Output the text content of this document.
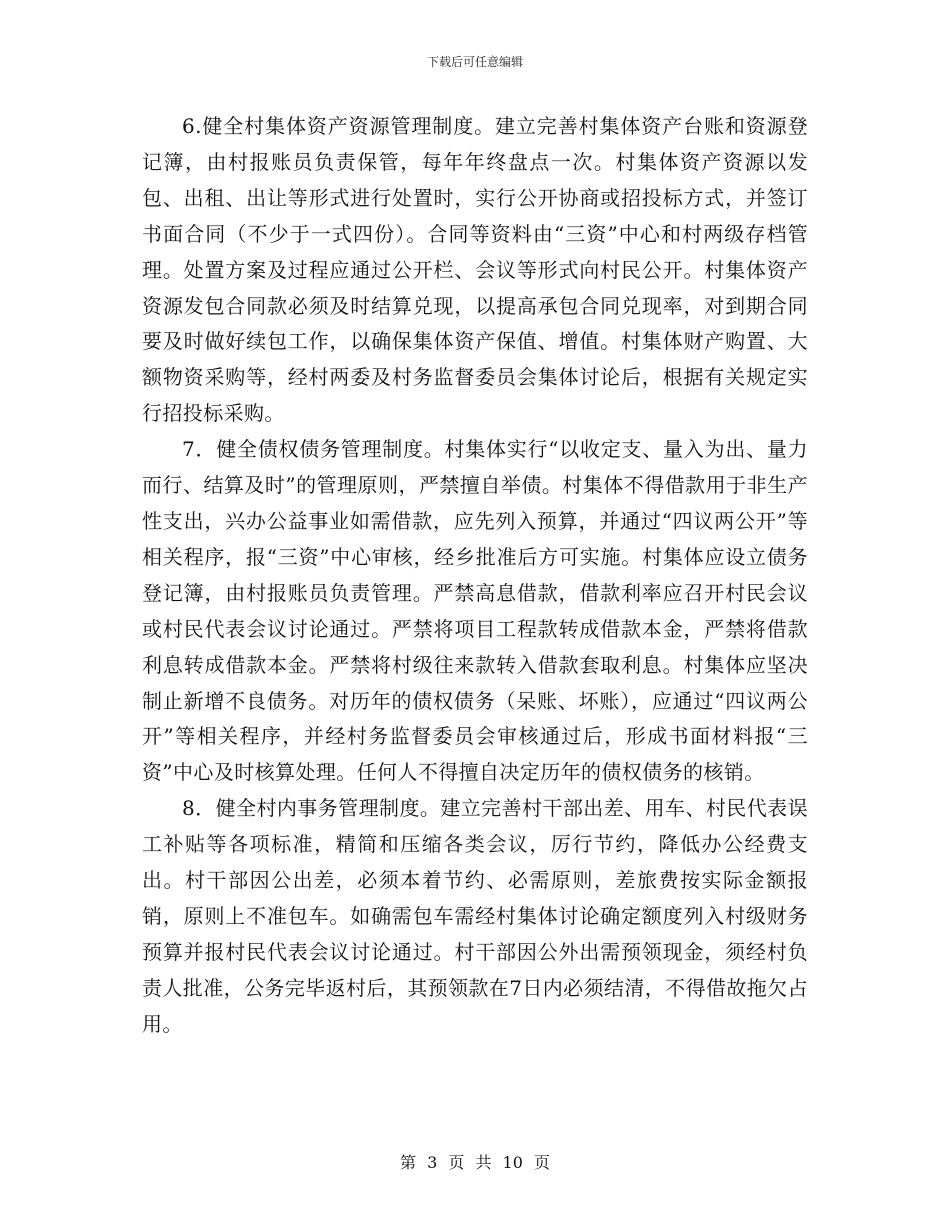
下载后可任意编辑

6.健全村集体资产资源管理制度。建立完善村集体资产台账和资源登记簿，由村报账员负责保管，每年年终盘点一次。村集体资产资源以发包、出租、出让等形式进行处置时，实行公开协商或招投标方式，并签订书面合同（不少于一式四份）。合同等资料由“三资”中心和村两级存档管理。处置方案及过程应通过公开栏、会议等形式向村民公开。村集体资产资源发包合同款必须及时结算兑现，以提高承包合同兑现率，对到期合同要及时做好续包工作，以确保集体资产保值、增值。村集体财产购置、大额物资采购等，经村两委及村务监督委员会集体讨论后，根据有关规定实行招投标采购。

7．健全债权债务管理制度。村集体实行“以收定支、量入为出、量力而行、结算及时”的管理原则，严禁擅自举债。村集体不得借款用于非生产性支出，兴办公益事业如需借款，应先列入预算，并通过“四议两公开”等相关程序，报“三资”中心审核，经乡批准后方可实施。村集体应设立债务登记簿，由村报账员负责管理。严禁高息借款，借款利率应召开村民会议或村民代表会议讨论通过。严禁将项目工程款转成借款本金，严禁将借款利息转成借款本金。严禁将村级往来款转入借款套取利息。村集体应坚决制止新增不良债务。对历年的债权债务（呆账、坏账），应通过“四议两公开”等相关程序，并经村务监督委员会审核通过后，形成书面材料报“三资”中心及时核算处理。任何人不得擅自决定历年的债权债务的核销。

8．健全村内事务管理制度。建立完善村干部出差、用车、村民代表误工补贴等各项标准，精简和压缩各类会议，厉行节约，降低办公经费支出。村干部因公出差，必须本着节约、必需原则，差旅费按实际金额报销，原则上不准包车。如确需包车需经村集体讨论确定额度列入村级财务预算并报村民代表会议讨论通过。村干部因公外出需预领现金，须经村负责人批准，公务完毕返村后，其预领款在7日内必须结清，不得借故拖欠占用。

第 3 页 共 10 页
